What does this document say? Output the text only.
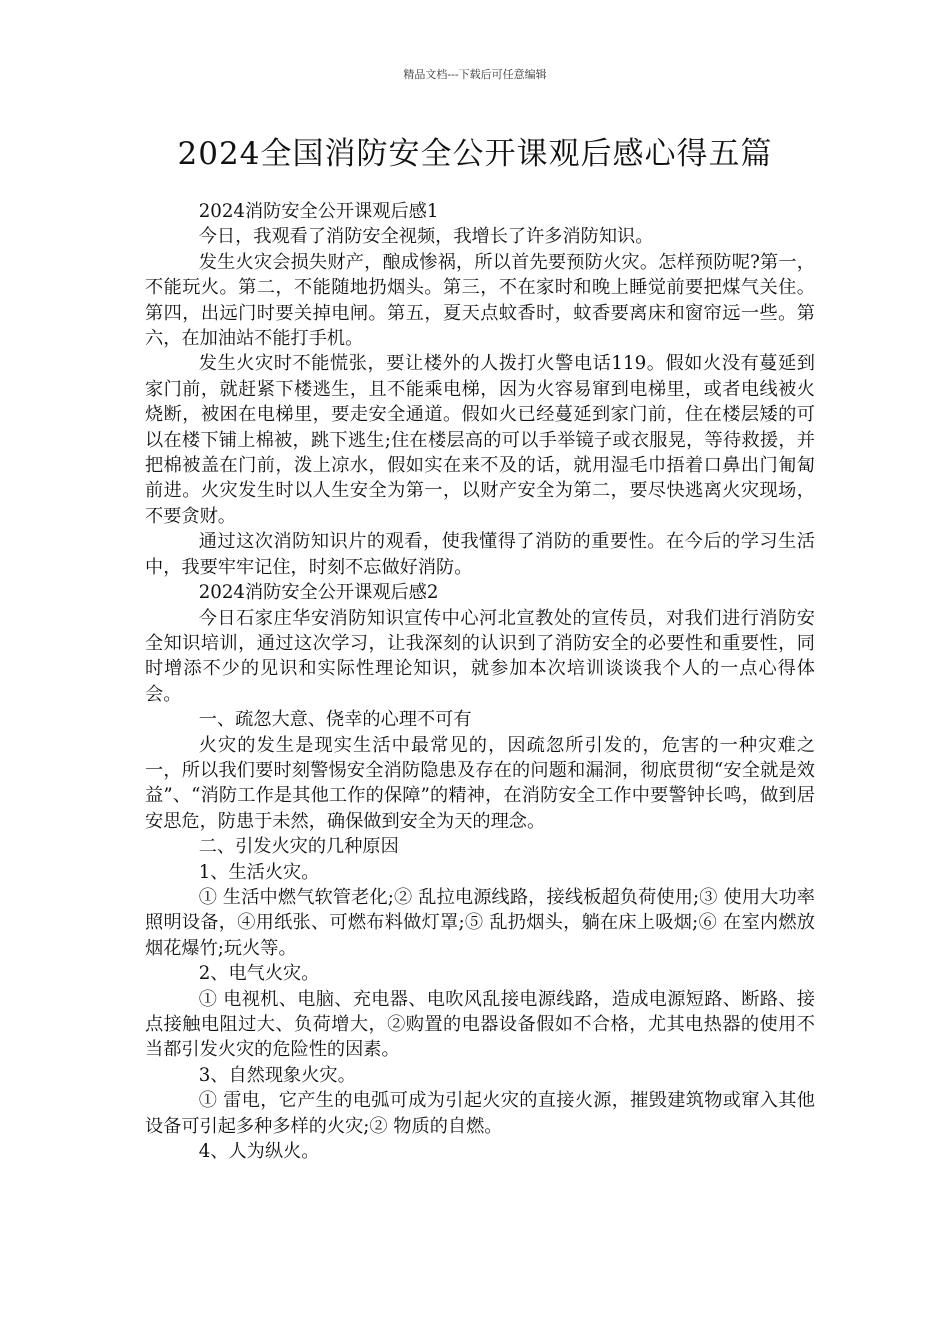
精品文档---下载后可任意编辑
2024全国消防安全公开课观后感心得五篇

2024消防安全公开课观后感1

今日，我观看了消防安全视频，我增长了许多消防知识。

发生火灾会损失财产，酿成惨祸，所以首先要预防火灾。怎样预防呢?第一，不能玩火。第二，不能随地扔烟头。第三，不在家时和晚上睡觉前要把煤气关住。第四，出远门时要关掉电闸。第五，夏天点蚊香时，蚊香要离床和窗帘远一些。第六，在加油站不能打手机。

发生火灾时不能慌张，要让楼外的人拨打火警电话119。假如火没有蔓延到家门前，就赶紧下楼逃生，且不能乘电梯，因为火容易窜到电梯里，或者电线被火烧断，被困在电梯里，要走安全通道。假如火已经蔓延到家门前，住在楼层矮的可以在楼下铺上棉被，跳下逃生;住在楼层高的可以手举镜子或衣服晃，等待救援，并把棉被盖在门前，泼上凉水，假如实在来不及的话，就用湿毛巾捂着口鼻出门匍匐前进。火灾发生时以人生安全为第一，以财产安全为第二，要尽快逃离火灾现场，不要贪财。

通过这次消防知识片的观看，使我懂得了消防的重要性。在今后的学习生活中，我要牢牢记住，时刻不忘做好消防。

2024消防安全公开课观后感2

今日石家庄华安消防知识宣传中心河北宣教处的宣传员，对我们进行消防安全知识培训，通过这次学习，让我深刻的认识到了消防安全的必要性和重要性，同时增添不少的见识和实际性理论知识，就参加本次培训谈谈我个人的一点心得体会。

一、疏忽大意、侥幸的心理不可有

火灾的发生是现实生活中最常见的，因疏忽所引发的，危害的一种灾难之一，所以我们要时刻警惕安全消防隐患及存在的问题和漏洞，彻底贯彻“安全就是效益”、“消防工作是其他工作的保障”的精神，在消防安全工作中要警钟长鸣，做到居安思危，防患于未然，确保做到安全为天的理念。

二、引发火灾的几种原因

1、生活火灾。

① 生活中燃气软管老化;② 乱拉电源线路，接线板超负荷使用;③ 使用大功率照明设备，④用纸张、可燃布料做灯罩;⑤ 乱扔烟头，躺在床上吸烟;⑥ 在室内燃放烟花爆竹;玩火等。

2、电气火灾。

① 电视机、电脑、充电器、电吹风乱接电源线路，造成电源短路、断路、接点接触电阻过大、负荷增大，②购置的电器设备假如不合格，尤其电热器的使用不当都引发火灾的危险性的因素。

3、自然现象火灾。

① 雷电，它产生的电弧可成为引起火灾的直接火源，摧毁建筑物或窜入其他设备可引起多种多样的火灾;② 物质的自燃。

4、人为纵火。
